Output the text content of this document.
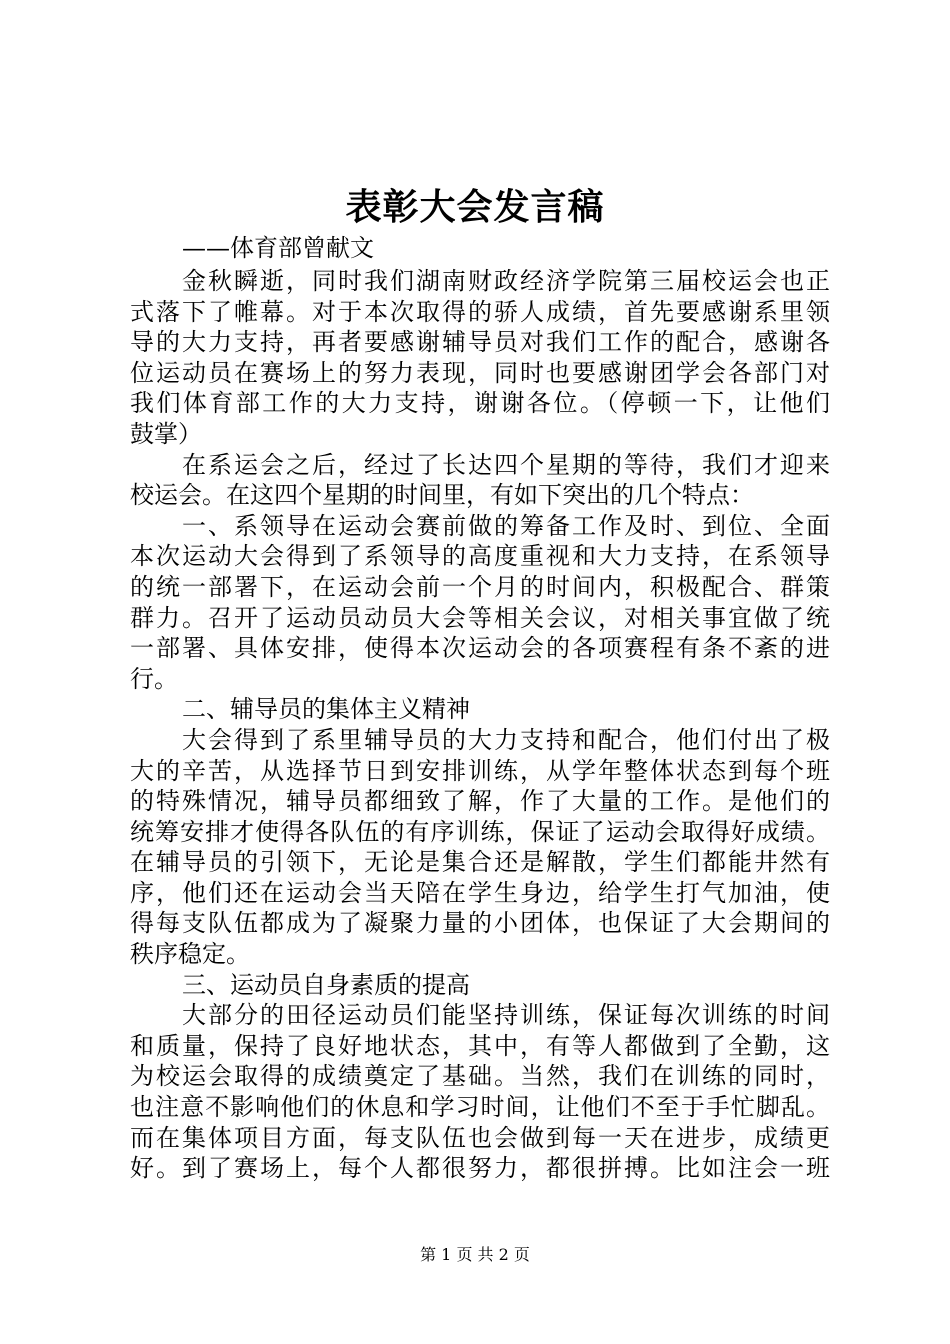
表彰大会发言稿
——体育部曾献文
金秋瞬逝，同时我们湖南财政经济学院第三届校运会也正
式落下了帷幕。对于本次取得的骄人成绩，首先要感谢系里领
导的大力支持，再者要感谢辅导员对我们工作的配合，感谢各
位运动员在赛场上的努力表现，同时也要感谢团学会各部门对
我们体育部工作的大力支持，谢谢各位。（停顿一下，让他们
鼓掌）
在系运会之后，经过了长达四个星期的等待，我们才迎来
校运会。在这四个星期的时间里，有如下突出的几个特点：
一、系领导在运动会赛前做的筹备工作及时、到位、全面
本次运动大会得到了系领导的高度重视和大力支持，在系领导
的统一部署下，在运动会前一个月的时间内，积极配合、群策
群力。召开了运动员动员大会等相关会议，对相关事宜做了统
一部署、具体安排，使得本次运动会的各项赛程有条不紊的进
行。
二、辅导员的集体主义精神
大会得到了系里辅导员的大力支持和配合，他们付出了极
大的辛苦，从选择节日到安排训练，从学年整体状态到每个班
的特殊情况，辅导员都细致了解，作了大量的工作。是他们的
统筹安排才使得各队伍的有序训练，保证了运动会取得好成绩。
在辅导员的引领下，无论是集合还是解散，学生们都能井然有
序，他们还在运动会当天陪在学生身边，给学生打气加油，使
得每支队伍都成为了凝聚力量的小团体，也保证了大会期间的
秩序稳定。
三、运动员自身素质的提高
大部分的田径运动员们能坚持训练，保证每次训练的时间
和质量，保持了良好地状态，其中，有等人都做到了全勤，这
为校运会取得的成绩奠定了基础。当然，我们在训练的同时，
也注意不影响他们的休息和学习时间，让他们不至于手忙脚乱。
而在集体项目方面，每支队伍也会做到每一天在进步，成绩更
好。到了赛场上，每个人都很努力，都很拼搏。比如注会一班
第 1 页 共 2 页
